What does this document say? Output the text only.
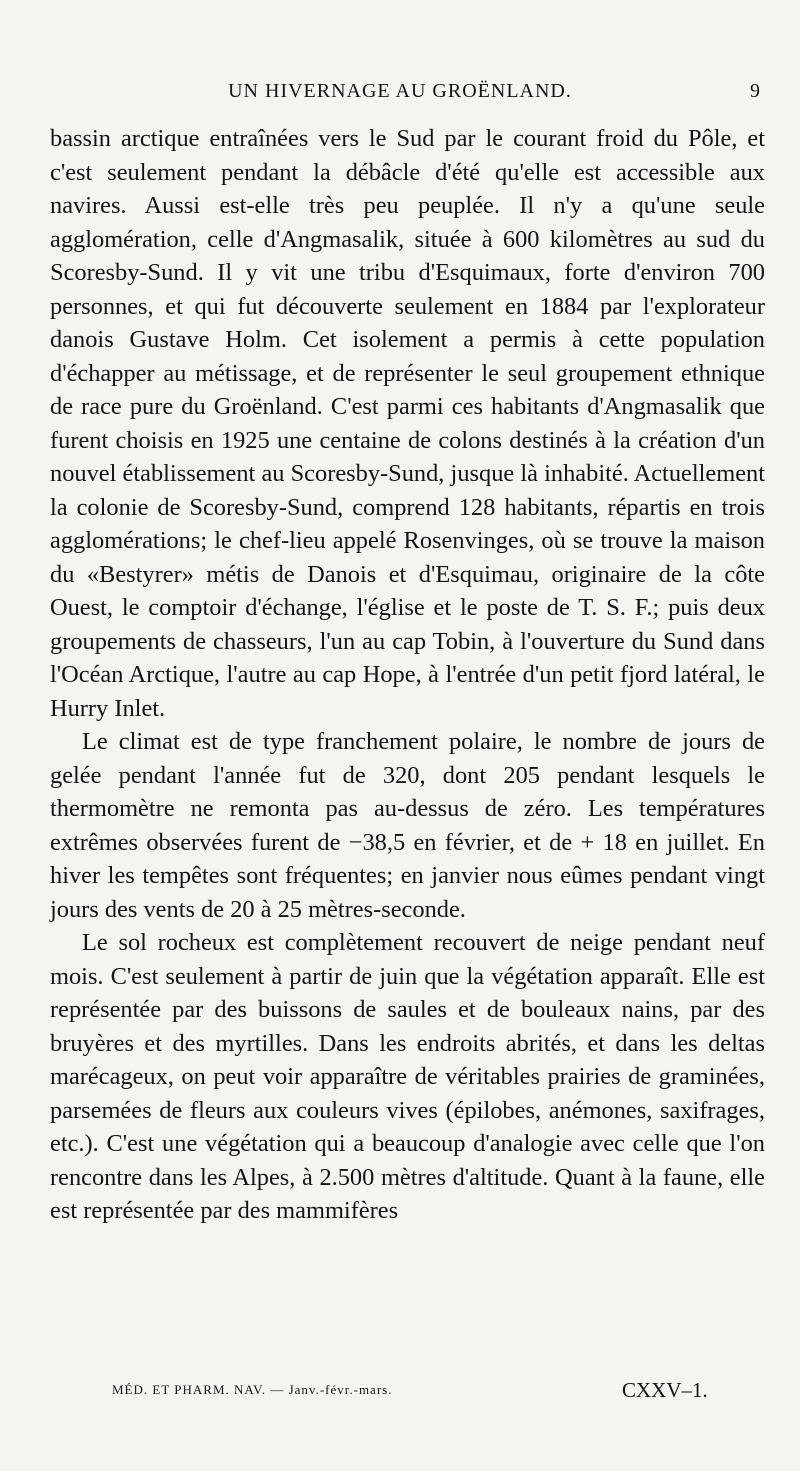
UN HIVERNAGE AU GROËNLAND.	9

bassin arctique entraînées vers le Sud par le courant froid du Pôle, et c'est seulement pendant la débâcle d'été qu'elle est accessible aux navires. Aussi est-elle très peu peuplée. Il n'y a qu'une seule agglomération, celle d'Angmasalik, située à 600 kilomètres au sud du Scoresby-Sund. Il y vit une tribu d'Esquimaux, forte d'environ 700 personnes, et qui fut découverte seulement en 1884 par l'explorateur danois Gustave Holm. Cet isolement a permis à cette population d'échapper au métissage, et de représenter le seul groupement ethnique de race pure du Groënland. C'est parmi ces habitants d'Angmasalik que furent choisis en 1925 une centaine de colons destinés à la création d'un nouvel établissement au Scoresby-Sund, jusque là inhabité. Actuellement la colonie de Scoresby-Sund, comprend 128 habitants, répartis en trois agglomérations; le chef-lieu appelé Rosenvinges, où se trouve la maison du «Bestyrer» métis de Danois et d'Esquimau, originaire de la côte Ouest, le comptoir d'échange, l'église et le poste de T. S. F.; puis deux groupements de chasseurs, l'un au cap Tobin, à l'ouverture du Sund dans l'Océan Arctique, l'autre au cap Hope, à l'entrée d'un petit fjord latéral, le Hurry Inlet.

Le climat est de type franchement polaire, le nombre de jours de gelée pendant l'année fut de 320, dont 205 pendant lesquels le thermomètre ne remonta pas au-dessus de zéro. Les températures extrêmes observées furent de −38,5 en février, et de + 18 en juillet. En hiver les tempêtes sont fréquentes; en janvier nous eûmes pendant vingt jours des vents de 20 à 25 mètres-seconde.

Le sol rocheux est complètement recouvert de neige pendant neuf mois. C'est seulement à partir de juin que la végétation apparaît. Elle est représentée par des buissons de saules et de bouleaux nains, par des bruyères et des myrtilles. Dans les endroits abrités, et dans les deltas marécageux, on peut voir apparaître de véritables prairies de graminées, parsemées de fleurs aux couleurs vives (épilobes, anémones, saxifrages, etc.). C'est une végétation qui a beaucoup d'analogie avec celle que l'on rencontre dans les Alpes, à 2.500 mètres d'altitude. Quant à la faune, elle est représentée par des mammifères

MÉD. ET PHARM. NAV. — Janv.-févr.-mars.	CXXV–1.
